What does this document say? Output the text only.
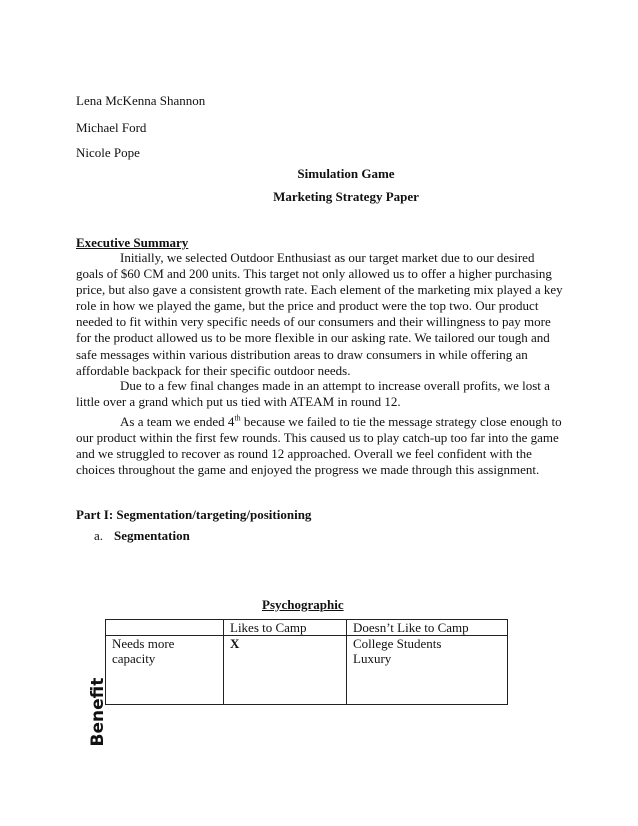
Lena McKenna Shannon
Michael Ford
Nicole Pope
Simulation Game
Marketing Strategy Paper
Executive Summary

Initially, we selected Outdoor Enthusiast as our target market due to our desired goals of $60 CM and 200 units. This target not only allowed us to offer a higher purchasing price, but also gave a consistent growth rate. Each element of the marketing mix played a key role in how we played the game, but the price and product were the top two. Our product needed to fit within very specific needs of our consumers and their willingness to pay more for the product allowed us to be more flexible in our asking rate. We tailored our tough and safe messages within various distribution areas to draw consumers in while offering an affordable backpack for their specific outdoor needs.

Due to a few final changes made in an attempt to increase overall profits, we lost a little over a grand which put us tied with ATEAM in round 12.

As a team we ended 4th because we failed to tie the message strategy close enough to our product within the first few rounds. This caused us to play catch-up too far into the game and we struggled to recover as round 12 approached. Overall we feel confident with the choices throughout the game and enjoyed the progress we made through this assignment.

Part I: Segmentation/targeting/positioning
a. Segmentation
Psychographic
	Likes to Camp	Doesn’t Like to Camp
Needs more capacity	X	College Students
Luxury
Benefit
